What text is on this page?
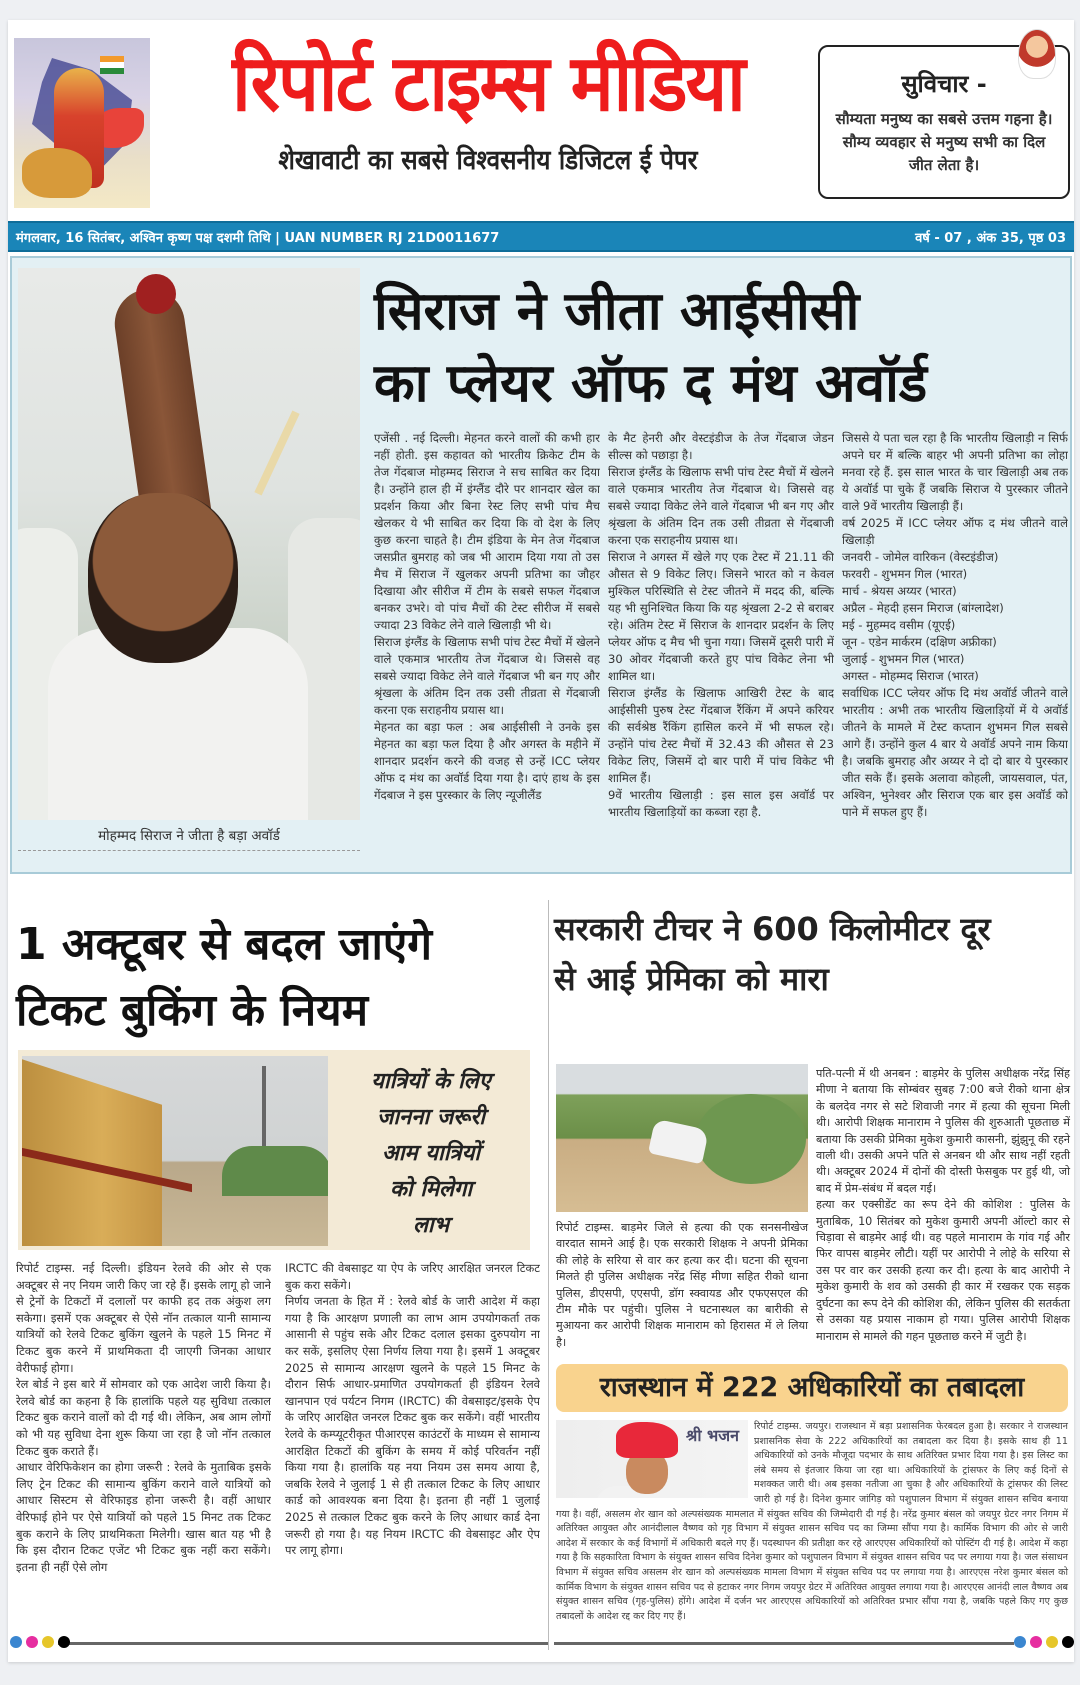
रिपोर्ट टाइम्स मीडिया
शेखावाटी का सबसे विश्वसनीय डिजिटल ई पेपर
सुविचार -
सौम्यता मनुष्य का सबसे उत्तम गहना है। सौम्य व्यवहार से मनुष्य सभी का दिल जीत लेता है।
मंगलवार, 16 सितंबर, अश्विन कृष्ण पक्ष दशमी तिथि | UAN NUMBER RJ 21D0011677	वर्ष - 07 , अंक 35, पृष्ठ 03
मोहम्मद सिराज ने जीता है बड़ा अवॉर्ड
सिराज ने जीता आईसीसी
का प्लेयर ऑफ द मंथ अवॉर्ड

एजेंसी . नई दिल्ली। मेहनत करने वालों की कभी हार नहीं होती. इस कहावत को भारतीय क्रिकेट टीम के तेज गेंदबाज मोहम्मद सिराज ने सच साबित कर दिया है। उन्होंने हाल ही में इंग्लैंड दौरे पर शानदार खेल का प्रदर्शन किया और बिना रेस्ट लिए सभी पांच मैच खेलकर ये भी साबित कर दिया कि वो देश के लिए कुछ करना चाहते है। टीम इंडिया के मेन तेज गेंदबाज जसप्रीत बुमराह को जब भी आराम दिया गया तो उस मैच में सिराज नें खुलकर अपनी प्रतिभा का जौहर दिखाया और सीरीज में टीम के सबसे सफल गेंदबाज बनकर उभरे। वो पांच मैचों की टेस्ट सीरीज में सबसे ज्यादा 23 विकेट लेने वाले खिलाड़ी भी थे।

सिराज इंग्लैंड के खिलाफ सभी पांच टेस्ट मैचों में खेलने वाले एकमात्र भारतीय तेज गेंदबाज थे। जिससे वह सबसे ज्यादा विकेट लेने वाले गेंदबाज भी बन गए और श्रृंखला के अंतिम दिन तक उसी तीव्रता से गेंदबाजी करना एक सराहनीय प्रयास था।

मेहनत का बड़ा फल : अब आईसीसी ने उनके इस मेहनत का बड़ा फल दिया है और अगस्त के महीने में शानदार प्रदर्शन करने की वजह से उन्हें ICC प्लेयर ऑफ द मंथ का अवॉर्ड दिया गया है। दाएं हाथ के इस गेंदबाज ने इस पुरस्कार के लिए न्यूजीलैंड

के मैट हेनरी और वेस्टइंडीज के तेज गेंदबाज जेडन सील्स को पछाड़ा है।

सिराज इंग्लैंड के खिलाफ सभी पांच टेस्ट मैचों में खेलने वाले एकमात्र भारतीय तेज गेंदबाज थे। जिससे वह सबसे ज्यादा विकेट लेने वाले गेंदबाज भी बन गए और श्रृंखला के अंतिम दिन तक उसी तीव्रता से गेंदबाजी करना एक सराहनीय प्रयास था।

सिराज ने अगस्त में खेले गए एक टेस्ट में 21.11 की औसत से 9 विकेट लिए। जिसने भारत को न केवल मुश्किल परिस्थिति से टेस्ट जीतने में मदद की, बल्कि यह भी सुनिश्चित किया कि यह श्रृंखला 2-2 से बराबर रहे। अंतिम टेस्ट में सिराज के शानदार प्रदर्शन के लिए प्लेयर ऑफ द मैच भी चुना गया। जिसमें दूसरी पारी में 30 ओवर गेंदबाजी करते हुए पांच विकेट लेना भी शामिल था।

सिराज इंग्लैंड के खिलाफ आखिरी टेस्ट के बाद आईसीसी पुरुष टेस्ट गेंदबाज रैंकिंग में अपने करियर की सर्वश्रेष्ठ रैंकिंग हासिल करने में भी सफल रहे। उन्होंने पांच टेस्ट मैचों में 32.43 की औसत से 23 विकेट लिए, जिसमें दो बार पारी में पांच विकेट भी शामिल हैं।

9वें भारतीय खिलाड़ी : इस साल इस अवॉर्ड पर भारतीय खिलाड़ियों का कब्जा रहा है.

जिससे ये पता चल रहा है कि भारतीय खिलाड़ी न सिर्फ अपने घर में बल्कि बाहर भी अपनी प्रतिभा का लोहा मनवा रहे हैं. इस साल भारत के चार खिलाड़ी अब तक ये अवॉर्ड पा चुके हैं जबकि सिराज ये पुरस्कार जीतने वाले 9वें भारतीय खिलाड़ी हैं।

वर्ष 2025 में ICC प्लेयर ऑफ द मंथ जीतने वाले खिलाड़ी

जनवरी - जोमेल वारिकन (वेस्टइंडीज)

फरवरी - शुभमन गिल (भारत)

मार्च - श्रेयस अय्यर (भारत)

अप्रैल - मेहदी हसन मिराज (बांग्लादेश)

मई - मुहम्मद वसीम (यूएई)

जून - एडेन मार्करम (दक्षिण अफ्रीका)

जुलाई - शुभमन गिल (भारत)

अगस्त - मोहम्मद सिराज (भारत)

सर्वाधिक ICC प्लेयर ऑफ दि मंथ अवॉर्ड जीतने वाले भारतीय : अभी तक भारतीय खिलाड़ियों में ये अवॉर्ड जीतने के मामले में टेस्ट कप्तान शुभमन गिल सबसे आगे हैं। उन्होंने कुल 4 बार ये अवॉर्ड अपने नाम किया है। जबकि बुमराह और अय्यर ने दो दो बार ये पुरस्कार जीत सके हैं। इसके अलावा कोहली, जायसवाल, पंत, अश्विन, भुनेश्वर और सिराज एक बार इस अवॉर्ड को पाने में सफल हुए हैं।

1 अक्टूबर से बदल जाएंगे
टिकट बुकिंग के नियम
यात्रियों के लिए
जानना जरूरी
आम यात्रियों
को मिलेगा
लाभ

रिपोर्ट टाइम्स. नई दिल्ली। इंडियन रेलवे की ओर से एक अक्टूबर से नए नियम जारी किए जा रहे हैं। इसके लागू हो जाने से ट्रेनों के टिकटों में दलालों पर काफी हद तक अंकुश लग सकेगा। इसमें एक अक्टूबर से ऐसे नॉन तत्काल यानी सामान्य यात्रियों को रेलवे टिकट बुकिंग खुलने के पहले 15 मिनट में टिकट बुक करने में प्राथमिकता दी जाएगी जिनका आधार वेरीफाई होगा।

रेल बोर्ड ने इस बारे में सोमवार को एक आदेश जारी किया है। रेलवे बोर्ड का कहना है कि हालांकि पहले यह सुविधा तत्काल टिकट बुक कराने वालों को दी गई थी। लेकिन, अब आम लोगों को भी यह सुविधा देना शुरू किया जा रहा है जो नॉन तत्काल टिकट बुक कराते हैं।

आधार वेरिफिकेशन का होगा जरूरी : रेलवे के मुताबिक इसके लिए ट्रेन टिकट की सामान्य बुकिंग कराने वाले यात्रियों को आधार सिस्टम से वेरिफाइड होना जरूरी है। वहीं आधार वेरिफाई होने पर ऐसे यात्रियों को पहले 15 मिनट तक टिकट बुक कराने के लिए प्राथमिकता मिलेगी। खास बात यह भी है कि इस दौरान टिकट एजेंट भी टिकट बुक नहीं करा सकेंगे। इतना ही नहीं ऐसे लोग

IRCTC की वेबसाइट या ऐप के जरिए आरक्षित जनरल टिकट बुक करा सकेंगे।

निर्णय जनता के हित में : रेलवे बोर्ड के जारी आदेश में कहा गया है कि आरक्षण प्रणाली का लाभ आम उपयोगकर्ता तक आसानी से पहुंच सके और टिकट दलाल इसका दुरुपयोग ना कर सकें, इसलिए ऐसा निर्णय लिया गया है। इसमें 1 अक्टूबर 2025 से सामान्य आरक्षण खुलने के पहले 15 मिनट के दौरान सिर्फ आधार-प्रमाणित उपयोगकर्ता ही इंडियन रेलवे खानपान एवं पर्यटन निगम (IRCTC) की वेबसाइट/इसके ऐप के जरिए आरक्षित जनरल टिकट बुक कर सकेंगे। वहीं भारतीय रेलवे के कम्प्यूटरीकृत पीआरएस काउंटरों के माध्यम से सामान्य आरक्षित टिकटों की बुकिंग के समय में कोई परिवर्तन नहीं किया गया है। हालांकि यह नया नियम उस समय आया है, जबकि रेलवे ने जुलाई 1 से ही तत्काल टिकट के लिए आधार कार्ड को आवश्यक बना दिया है। इतना ही नहीं 1 जुलाई 2025 से तत्काल टिकट बुक करने के लिए आधार कार्ड देना जरूरी हो गया है। यह नियम IRCTC की वेबसाइट और ऐप पर लागू होगा।

सरकारी टीचर ने 600 किलोमीटर दूर
से आई प्रेमिका को मारा

रिपोर्ट टाइम्स. बाड़मेर जिले से हत्या की एक सनसनीखेज वारदात सामने आई है। एक सरकारी शिक्षक ने अपनी प्रेमिका की लोहे के सरिया से वार कर हत्या कर दी। घटना की सूचना मिलते ही पुलिस अधीक्षक नरेंद्र सिंह मीणा सहित रीको थाना पुलिस, डीएसपी, एएसपी, डॉग स्क्वायड और एफएसएल की टीम मौके पर पहुंची। पुलिस ने घटनास्थल का बारीकी से मुआयना कर आरोपी शिक्षक मानाराम को हिरासत में ले लिया है।

पति-पत्नी में थी अनबन : बाड़मेर के पुलिस अधीक्षक नरेंद्र सिंह मीणा ने बताया कि सोम्बंवर सुबह 7:00 बजे रीको थाना क्षेत्र के बलदेव नगर से सटे शिवाजी नगर में हत्या की सूचना मिली थी। आरोपी शिक्षक मानाराम ने पुलिस की शुरुआती पूछताछ में बताया कि उसकी प्रेमिका मुकेश कुमारी कासनी, झुंझुनू की रहने वाली थी। उसकी अपने पति से अनबन थी और साथ नहीं रहती थी। अक्टूबर 2024 में दोनों की दोस्ती फेसबुक पर हुई थी, जो बाद में प्रेम-संबंध में बदल गई।

हत्या कर एक्सीडेंट का रूप देने की कोशिश : पुलिस के मुताबिक, 10 सितंबर को मुकेश कुमारी अपनी ऑल्टो कार से चिड़ावा से बाड़मेर आई थी। वह पहले मानाराम के गांव गई और फिर वापस बाड़मेर लौटी। यहीं पर आरोपी ने लोहे के सरिया से उस पर वार कर उसकी हत्या कर दी। हत्या के बाद आरोपी ने मुकेश कुमारी के शव को उसकी ही कार में रखकर एक सड़क दुर्घटना का रूप देने की कोशिश की, लेकिन पुलिस की सतर्कता से उसका यह प्रयास नाकाम हो गया। पुलिस आरोपी शिक्षक मानाराम से मामले की गहन पूछताछ करने में जुटी है।

राजस्थान में 222 अधिकारियों का तबादला
श्री भजन	रिपोर्ट टाइम्स. जयपुर। राजस्थान में बड़ा प्रशासनिक फेरबदल हुआ है। सरकार ने राजस्थान प्रशासनिक सेवा के 222 अधिकारियों का तबादला कर दिया है। इसके साथ ही 11 अधिकारियों को उनके मौजूदा पदभार के साथ अतिरिक्त प्रभार दिया गया है। इस लिस्ट का लंबे समय से इंतजार किया जा रहा था। अधिकारियों के ट्रांसफर के लिए कई दिनों से मशक्कत जारी थी। अब इसका नतीजा आ चुका है और अधिकारियों के ट्रांसफर की लिस्ट जारी हो गई है। दिनेश कुमार जांगिड़ को पशुपालन विभाग में संयुक्त शासन सचिव बनाया गया है। वहीं, असलम शेर खान को अल्पसंख्यक मामलात में संयुक्त सचिव की जिम्मेदारी दी गई है। नरेंद्र कुमार बंसल को जयपुर ग्रेटर नगर निगम में अतिरिक्त आयुक्त और आनंदीलाल वैष्णव को गृह विभाग में संयुक्त शासन सचिव पद का जिम्मा सौंपा गया है। कार्मिक विभाग की ओर से जारी आदेश में सरकार के कई विभागों में अधिकारी बदले गए हैं। पदस्थापन की प्रतीक्षा कर रहे आरएएस अधिकारियों को पोस्टिंग दी गई है। आदेश में कहा गया है कि सहकारिता विभाग के संयुक्त शासन सचिव दिनेश कुमार को पशुपालन विभाग में संयुक्त शासन सचिव पद पर लगाया गया है। जल संसाधन विभाग में संयुक्त सचिव असलम शेर खान को अल्पसंख्यक मामला विभाग में संयुक्त सचिव पद पर लगाया गया है। आरएएस नरेश कुमार बंसल को कार्मिक विभाग के संयुक्त शासन सचिव पद से हटाकर नगर निगम जयपुर ग्रेटर में अतिरिक्त आयुक्त लगाया गया है। आरएएस आनंदी लाल वैष्णव अब संयुक्त शासन सचिव (गृह-पुलिस) होंगे। आदेश में दर्जन भर आरएएस अधिकारियों को अतिरिक्त प्रभार सौंपा गया है, जबकि पहले किए गए कुछ तबादलों के आदेश रद्द कर दिए गए हैं।
